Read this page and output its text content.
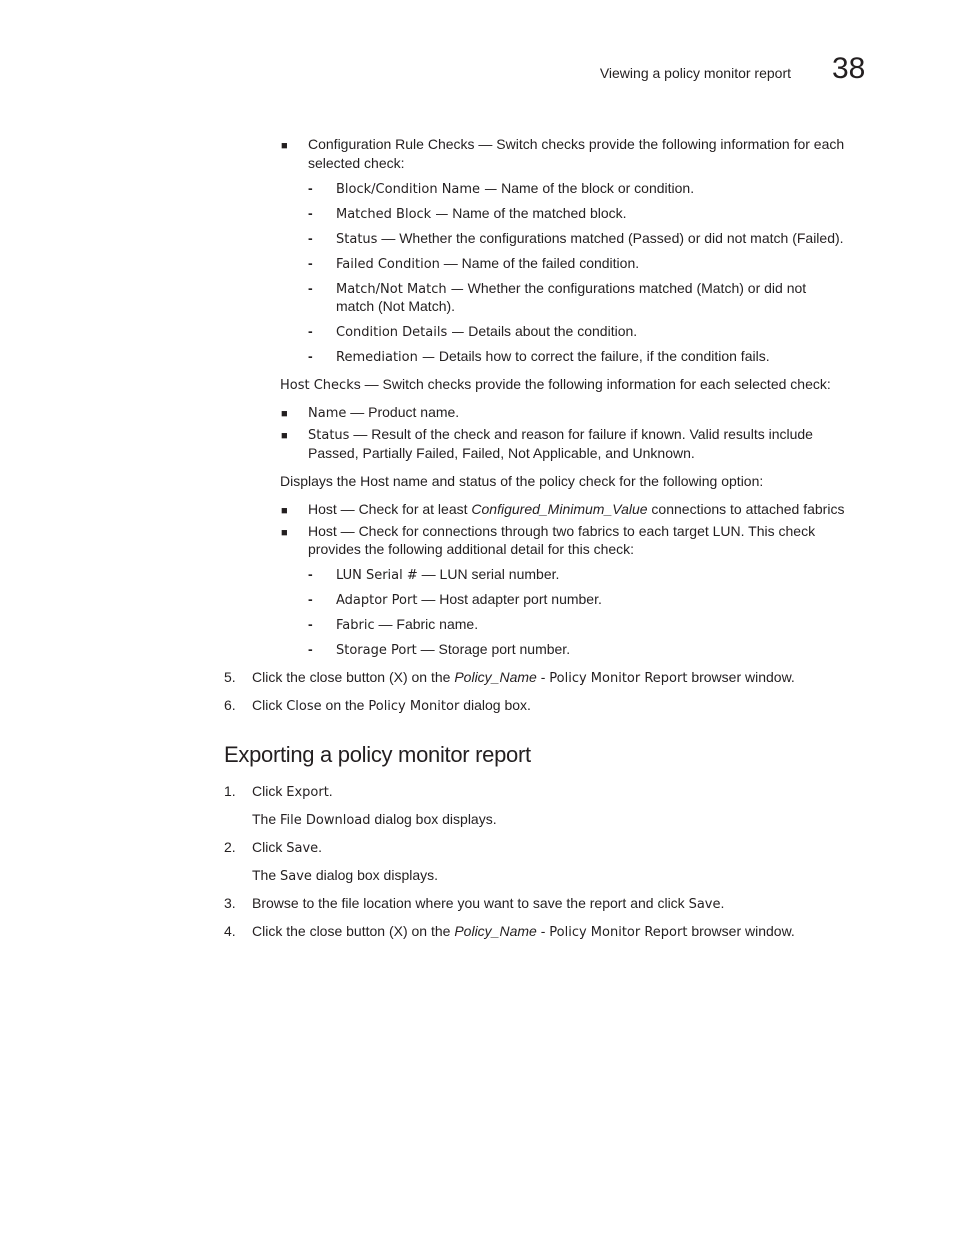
Viewing a policy monitor report 38
■ Configuration Rule Checks — Switch checks provide the following information for each
selected check:
- Block/Condition Name — Name of the block or condition.
- Matched Block — Name of the matched block.
- Status — Whether the configurations matched (Passed) or did not match (Failed).
- Failed Condition — Name of the failed condition.
- Match/Not Match — Whether the configurations matched (Match) or did not
match (Not Match).
- Condition Details — Details about the condition.
- Remediation — Details how to correct the failure, if the condition fails.
Host Checks — Switch checks provide the following information for each selected check:
■ Name — Product name.
■ Status — Result of the check and reason for failure if known. Valid results include
Passed, Partially Failed, Failed, Not Applicable, and Unknown.
Displays the Host name and status of the policy check for the following option:
■ Host — Check for at least Configured_Minimum_Value connections to attached fabrics
■ Host — Check for connections through two fabrics to each target LUN. This check
provides the following additional detail for this check:
- LUN Serial # — LUN serial number.
- Adaptor Port — Host adapter port number.
- Fabric — Fabric name.
- Storage Port — Storage port number.
5. Click the close button (X) on the Policy_Name - Policy Monitor Report browser window.
6. Click Close on the Policy Monitor dialog box.
Exporting a policy monitor report
1. Click Export.
The File Download dialog box displays.
2. Click Save.
The Save dialog box displays.
3. Browse to the file location where you want to save the report and click Save.
4. Click the close button (X) on the Policy_Name - Policy Monitor Report browser window.
